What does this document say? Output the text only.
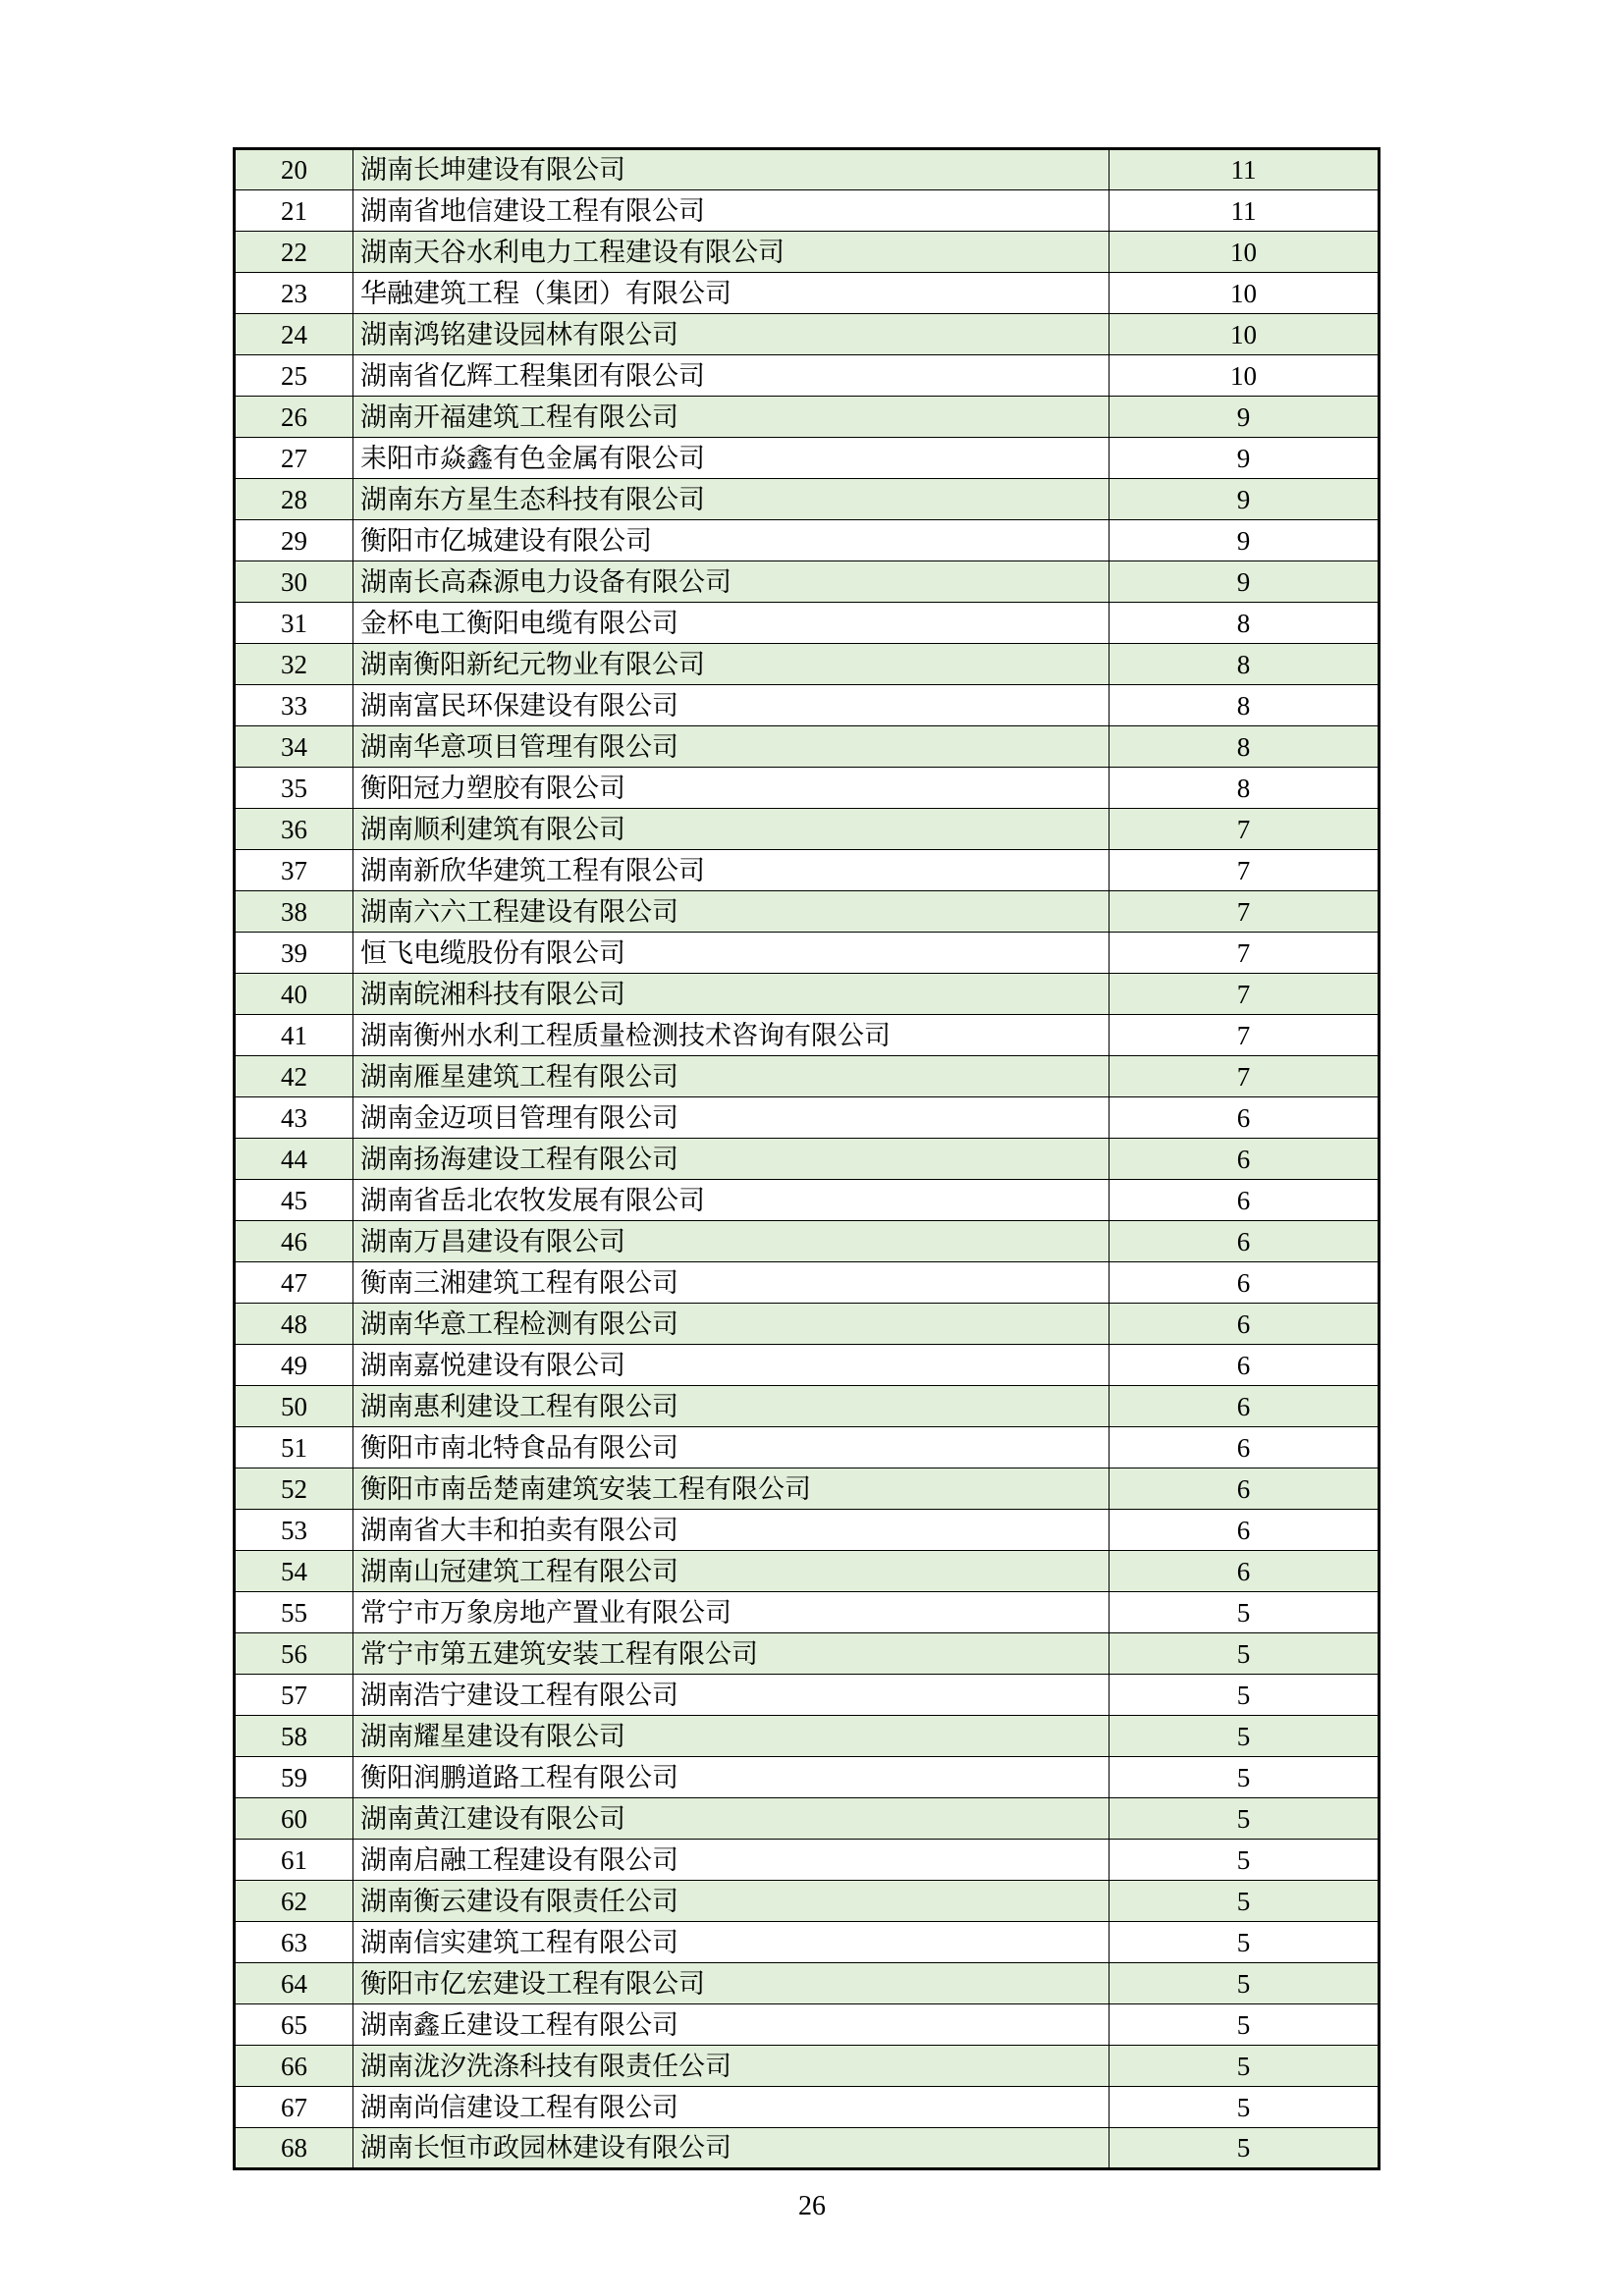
20	湖南长坤建设有限公司	11
21	湖南省地信建设工程有限公司	11
22	湖南天谷水利电力工程建设有限公司	10
23	华融建筑工程（集团）有限公司	10
24	湖南鸿铭建设园林有限公司	10
25	湖南省亿辉工程集团有限公司	10
26	湖南开福建筑工程有限公司	9
27	耒阳市焱鑫有色金属有限公司	9
28	湖南东方星生态科技有限公司	9
29	衡阳市亿城建设有限公司	9
30	湖南长高森源电力设备有限公司	9
31	金杯电工衡阳电缆有限公司	8
32	湖南衡阳新纪元物业有限公司	8
33	湖南富民环保建设有限公司	8
34	湖南华意项目管理有限公司	8
35	衡阳冠力塑胶有限公司	8
36	湖南顺利建筑有限公司	7
37	湖南新欣华建筑工程有限公司	7
38	湖南六六工程建设有限公司	7
39	恒飞电缆股份有限公司	7
40	湖南皖湘科技有限公司	7
41	湖南衡州水利工程质量检测技术咨询有限公司	7
42	湖南雁星建筑工程有限公司	7
43	湖南金迈项目管理有限公司	6
44	湖南扬海建设工程有限公司	6
45	湖南省岳北农牧发展有限公司	6
46	湖南万昌建设有限公司	6
47	衡南三湘建筑工程有限公司	6
48	湖南华意工程检测有限公司	6
49	湖南嘉悦建设有限公司	6
50	湖南惠利建设工程有限公司	6
51	衡阳市南北特食品有限公司	6
52	衡阳市南岳楚南建筑安装工程有限公司	6
53	湖南省大丰和拍卖有限公司	6
54	湖南山冠建筑工程有限公司	6
55	常宁市万象房地产置业有限公司	5
56	常宁市第五建筑安装工程有限公司	5
57	湖南浩宁建设工程有限公司	5
58	湖南耀星建设有限公司	5
59	衡阳润鹏道路工程有限公司	5
60	湖南黄江建设有限公司	5
61	湖南启融工程建设有限公司	5
62	湖南衡云建设有限责任公司	5
63	湖南信实建筑工程有限公司	5
64	衡阳市亿宏建设工程有限公司	5
65	湖南鑫丘建设工程有限公司	5
66	湖南泷汐洗涤科技有限责任公司	5
67	湖南尚信建设工程有限公司	5
68	湖南长恒市政园林建设有限公司	5
26
